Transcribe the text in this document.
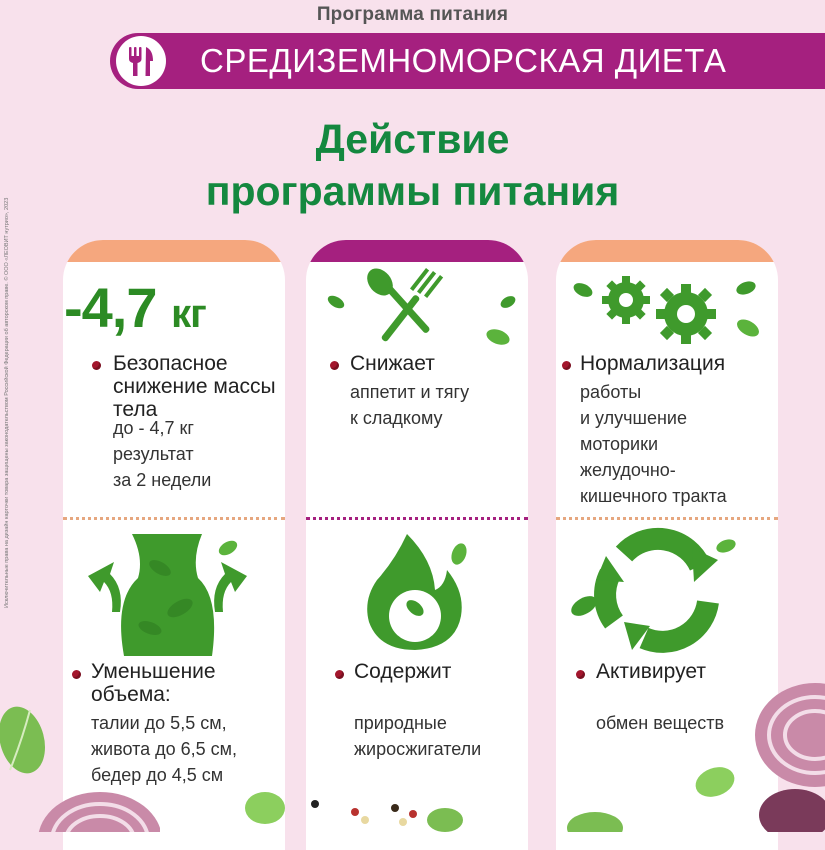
Программа питания
Исключительные права на дизайн карточки товара защищены законодательством Российской Федерации об авторском праве. © ООО «ЛЕОВИТ нутрио», 2023
СРЕДИЗЕМНОМОРСКАЯ ДИЕТА
Действие
программы питания
-4,7 кг
Безопасное снижение массы тела
до - 4,7 кг
результат
за 2 недели
Снижает
аппетит и тягу
к сладкому
Нормализация
работы
и улучшение
моторики
желудочно-
кишечного тракта
Уменьшение объема:
талии до 5,5 см,
живота до 6,5 см,
бедер до 4,5 см
Содержит
природные
жиросжигатели
Активирует
обмен веществ
